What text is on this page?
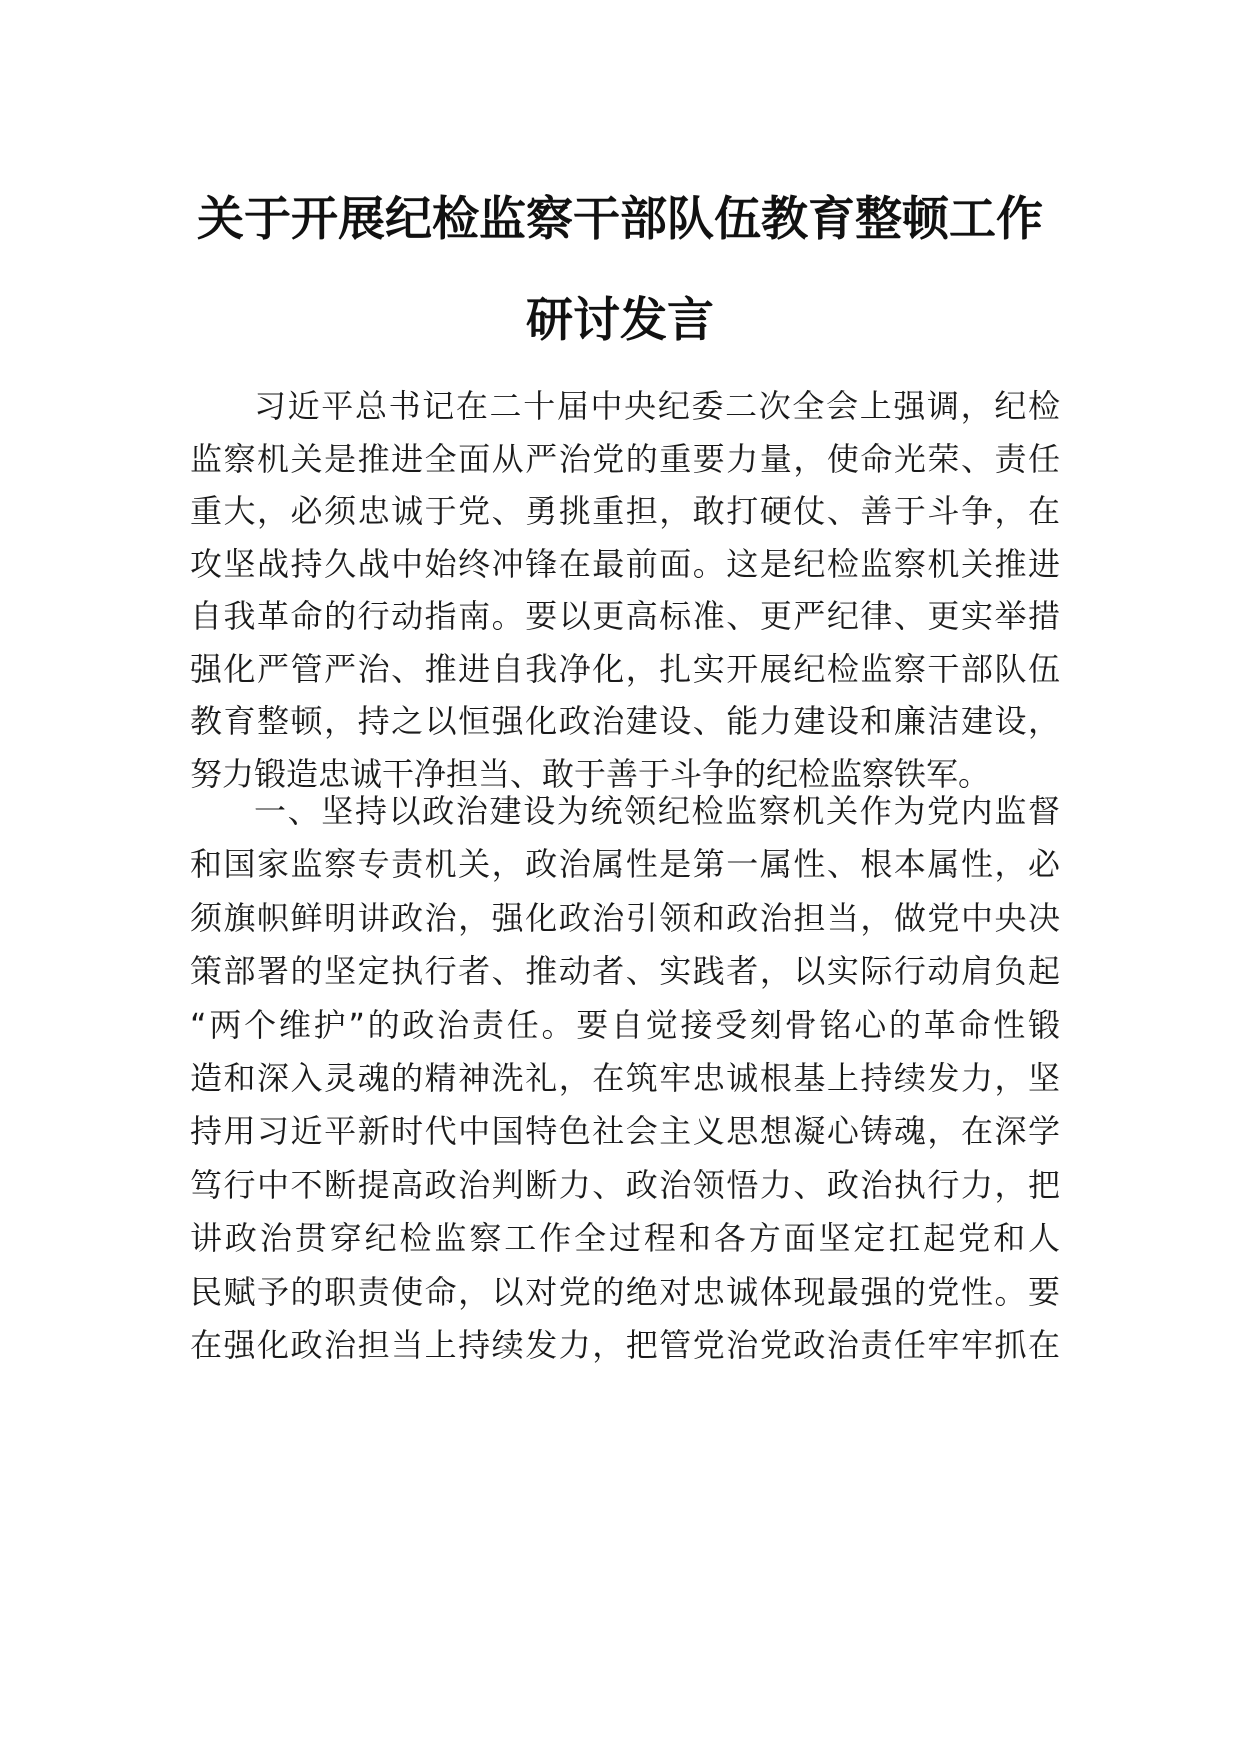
关于开展纪检监察干部队伍教育整顿工作
研讨发言
习近平总书记在二十届中央纪委二次全会上强调，纪检
监察机关是推进全面从严治党的重要力量，使命光荣、责任
重大，必须忠诚于党、勇挑重担，敢打硬仗、善于斗争，在
攻坚战持久战中始终冲锋在最前面。这是纪检监察机关推进
自我革命的行动指南。要以更高标准、更严纪律、更实举措
强化严管严治、推进自我净化，扎实开展纪检监察干部队伍
教育整顿，持之以恒强化政治建设、能力建设和廉洁建设，
努力锻造忠诚干净担当、敢于善于斗争的纪检监察铁军。
一、坚持以政治建设为统领纪检监察机关作为党内监督
和国家监察专责机关，政治属性是第一属性、根本属性，必
须旗帜鲜明讲政治，强化政治引领和政治担当，做党中央决
策部署的坚定执行者、推动者、实践者，以实际行动肩负起
“两个维护”的政治责任。要自觉接受刻骨铭心的革命性锻
造和深入灵魂的精神洗礼，在筑牢忠诚根基上持续发力，坚
持用习近平新时代中国特色社会主义思想凝心铸魂，在深学
笃行中不断提高政治判断力、政治领悟力、政治执行力，把
讲政治贯穿纪检监察工作全过程和各方面坚定扛起党和人
民赋予的职责使命，以对党的绝对忠诚体现最强的党性。要
在强化政治担当上持续发力，把管党治党政治责任牢牢抓在
